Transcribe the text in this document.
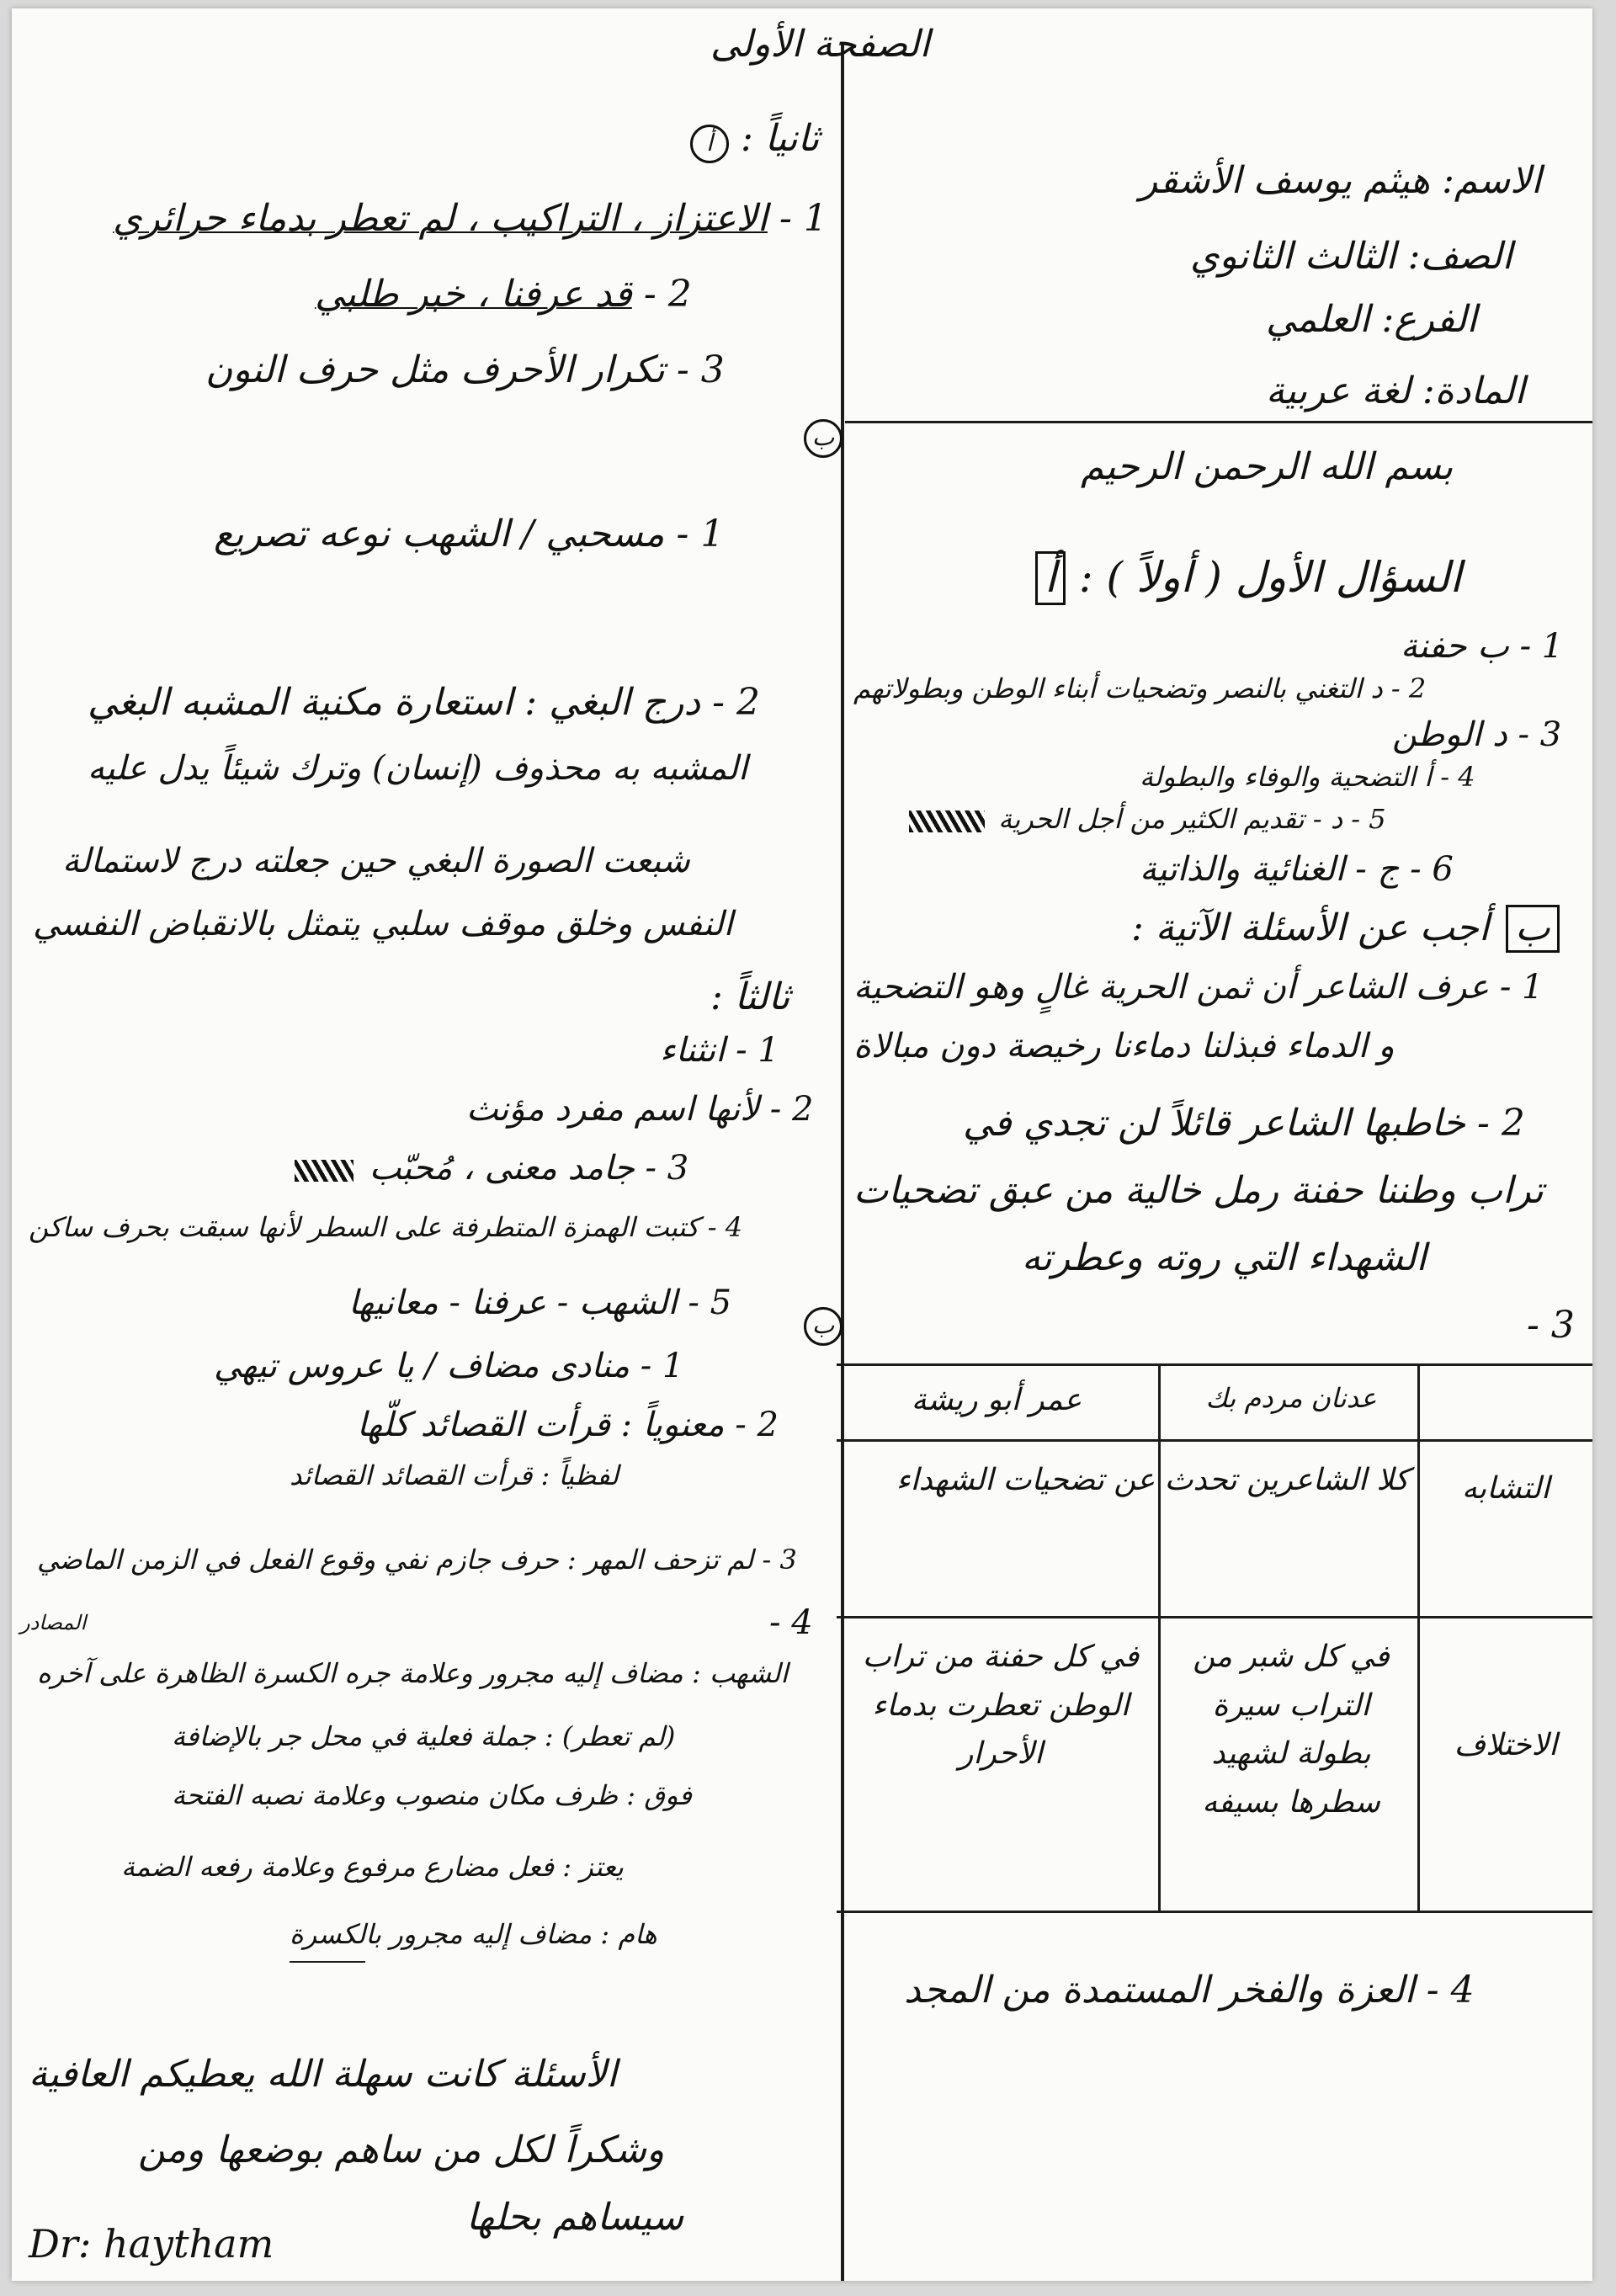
الصفحة الأولى
الاسم: هيثم يوسف الأشقر
الصف: الثالث الثانوي
الفرع: العلمي
المادة: لغة عربية
بسم الله الرحمن الرحيم
السؤال الأول ( أولاً ) : أ
1 - ب حفنة
2 - د التغني بالنصر وتضحيات أبناء الوطن وبطولاتهم
3 - د الوطن
4 - أ التضحية والوفاء والبطولة
5 - د - تقديم الكثير من أجل الحرية
6 - ج - الغنائية والذاتية
ب أجب عن الأسئلة الآتية :
1 - عرف الشاعر أن ثمن الحرية غالٍ وهو التضحية
و الدماء فبذلنا دماءنا رخيصة دون مبالاة
2 - خاطبها الشاعر قائلاً لن تجدي في
تراب وطننا حفنة رمل خالية من عبق تضحيات
الشهداء التي روته وعطرته
3 -
عمر أبو ريشة	عدنان مردم بك
التشابه
كلا الشاعرين تحدث عن تضحيات الشهداء
الاختلاف
في كل شبر من التراب سيرة بطولة لشهيد سطرها بسيفه
في كل حفنة من تراب الوطن تعطرت بدماء الأحرار
4 - العزة والفخر المستمدة من المجد
ثانياً : أ
1 - الاعتزاز ، التراكيب ، لم تعطر بدماء حرائري
2 - قد عرفنا ، خبر طلبي
3 - تكرار الأحرف مثل حرف النون
ب
1 - مسحبي / الشهب نوعه تصريع
2 - درج البغي : استعارة مكنية المشبه البغي
المشبه به محذوف (إنسان) وترك شيئاً يدل عليه
شبعت الصورة البغي حين جعلته درج لاستمالة
النفس وخلق موقف سلبي يتمثل بالانقباض النفسي
ثالثاً :
1 - انثناء
2 - لأنها اسم مفرد مؤنث
3 - جامد معنى ، مُحبّب
4 - كتبت الهمزة المتطرفة على السطر لأنها سبقت بحرف ساكن
5 - الشهب - عرفنا - معانيها
ب
1 - منادى مضاف / يا عروس تيهي
2 - معنوياً : قرأت القصائد كلّها
لفظياً : قرأت القصائد القصائد
3 - لم تزحف المهر : حرف جازم نفي وقوع الفعل في الزمن الماضي
4 -
المصادر
الشهب : مضاف إليه مجرور وعلامة جره الكسرة الظاهرة على آخره
(لم تعطر) : جملة فعلية في محل جر بالإضافة
فوق : ظرف مكان منصوب وعلامة نصبه الفتحة
يعتز : فعل مضارع مرفوع وعلامة رفعه الضمة
هام : مضاف إليه مجرور بالكسرة
الأسئلة كانت سهلة الله يعطيكم العافية
وشكراً لكل من ساهم بوضعها ومن
سيساهم بحلها
Dr: haytham
